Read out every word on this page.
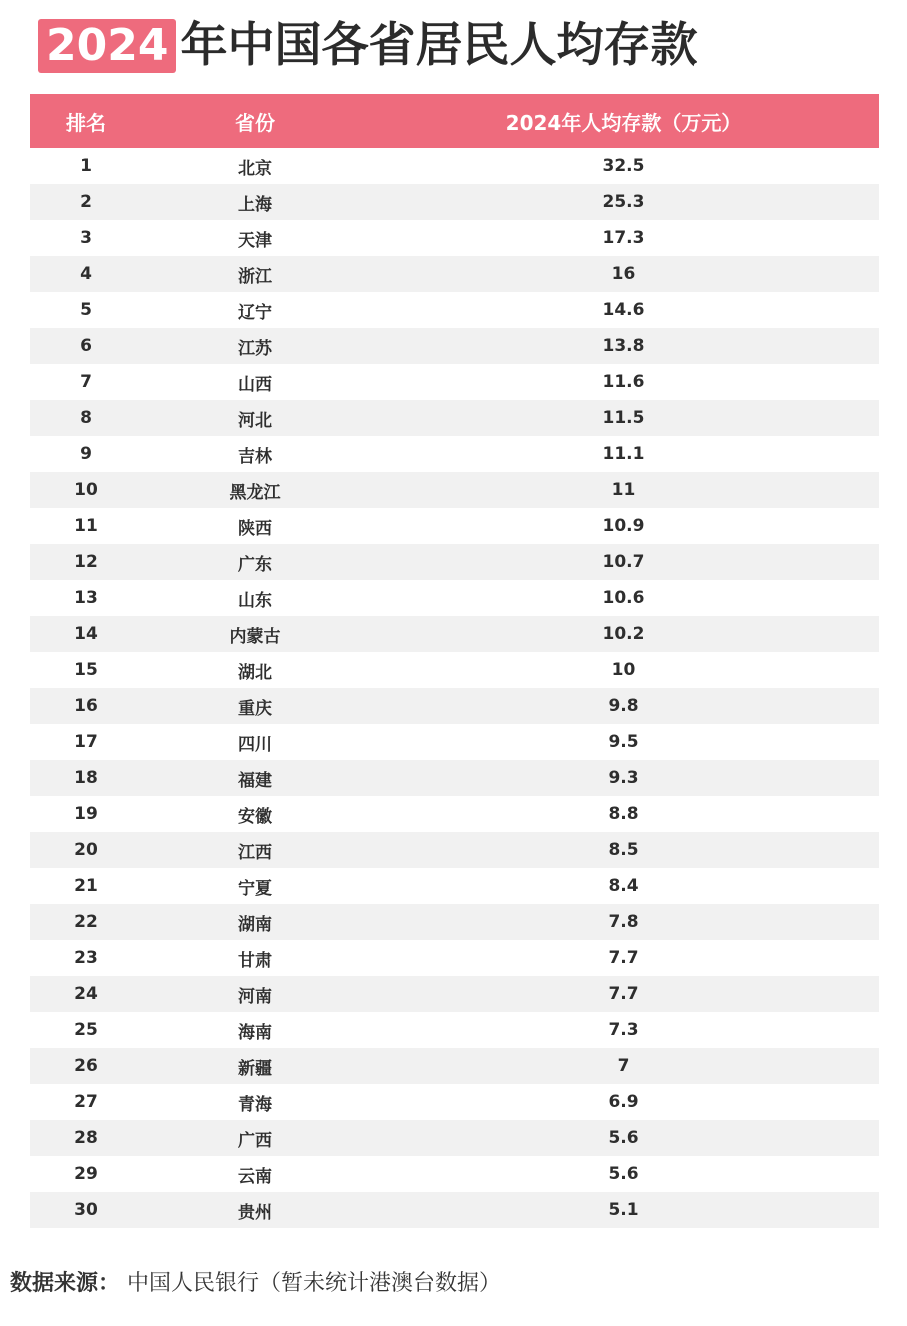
2024 年中国各省居民人均存款
排名	省份	2024年人均存款（万元）
1	北京	32.5
2	上海	25.3
3	天津	17.3
4	浙江	16
5	辽宁	14.6
6	江苏	13.8
7	山西	11.6
8	河北	11.5
9	吉林	11.1
10	黑龙江	11
11	陕西	10.9
12	广东	10.7
13	山东	10.6
14	内蒙古	10.2
15	湖北	10
16	重庆	9.8
17	四川	9.5
18	福建	9.3
19	安徽	8.8
20	江西	8.5
21	宁夏	8.4
22	湖南	7.8
23	甘肃	7.7
24	河南	7.7
25	海南	7.3
26	新疆	7
27	青海	6.9
28	广西	5.6
29	云南	5.6
30	贵州	5.1
数据来源： 中国人民银行（暂未统计港澳台数据）
